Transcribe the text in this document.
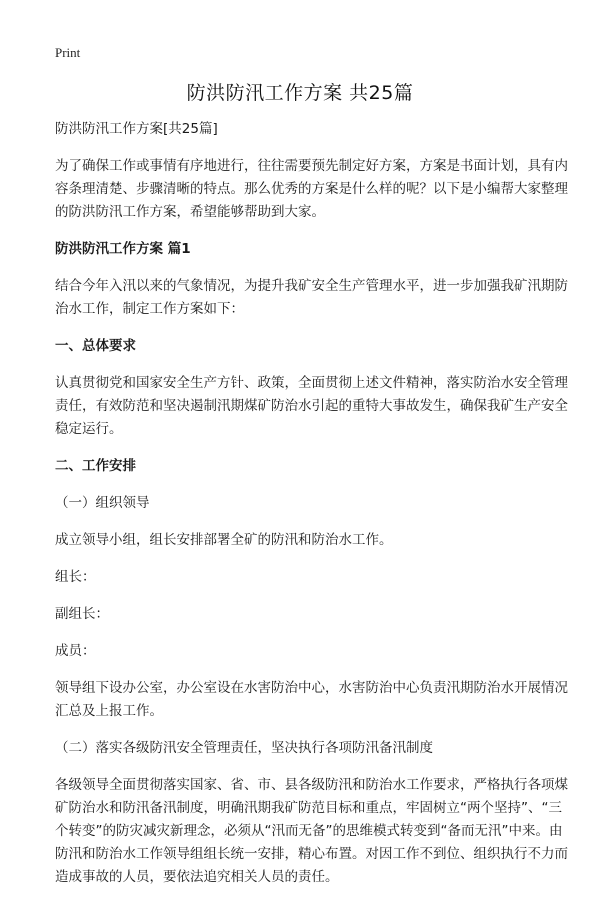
Print
防洪防汛工作方案 共25篇

防洪防汛工作方案[共25篇]

为了确保工作或事情有序地进行，往往需要预先制定好方案，方案是书面计划，具有内容条理清楚、步骤清晰的特点。那么优秀的方案是什么样的呢？以下是小编帮大家整理的防洪防汛工作方案，希望能够帮助到大家。

防洪防汛工作方案 篇1

结合今年入汛以来的气象情况，为提升我矿安全生产管理水平，进一步加强我矿汛期防治水工作，制定工作方案如下：

一、总体要求

认真贯彻党和国家安全生产方针、政策，全面贯彻上述文件精神，落实防治水安全管理责任，有效防范和坚决遏制汛期煤矿防治水引起的重特大事故发生，确保我矿生产安全稳定运行。

二、工作安排

（一）组织领导

成立领导小组，组长安排部署全矿的防汛和防治水工作。

组长：

副组长：

成员：

领导组下设办公室，办公室设在水害防治中心，水害防治中心负责汛期防治水开展情况汇总及上报工作。

（二）落实各级防汛安全管理责任，坚决执行各项防汛备汛制度

各级领导全面贯彻落实国家、省、市、县各级防汛和防治水工作要求，严格执行各项煤矿防治水和防汛备汛制度，明确汛期我矿防范目标和重点，牢固树立“两个坚持”、“三个转变”的防灾减灾新理念，必须从“汛而无备”的思维模式转变到“备而无汛”中来。由防汛和防治水工作领导组组长统一安排，精心布置。对因工作不到位、组织执行不力而造成事故的人员，要依法追究相关人员的责任。
